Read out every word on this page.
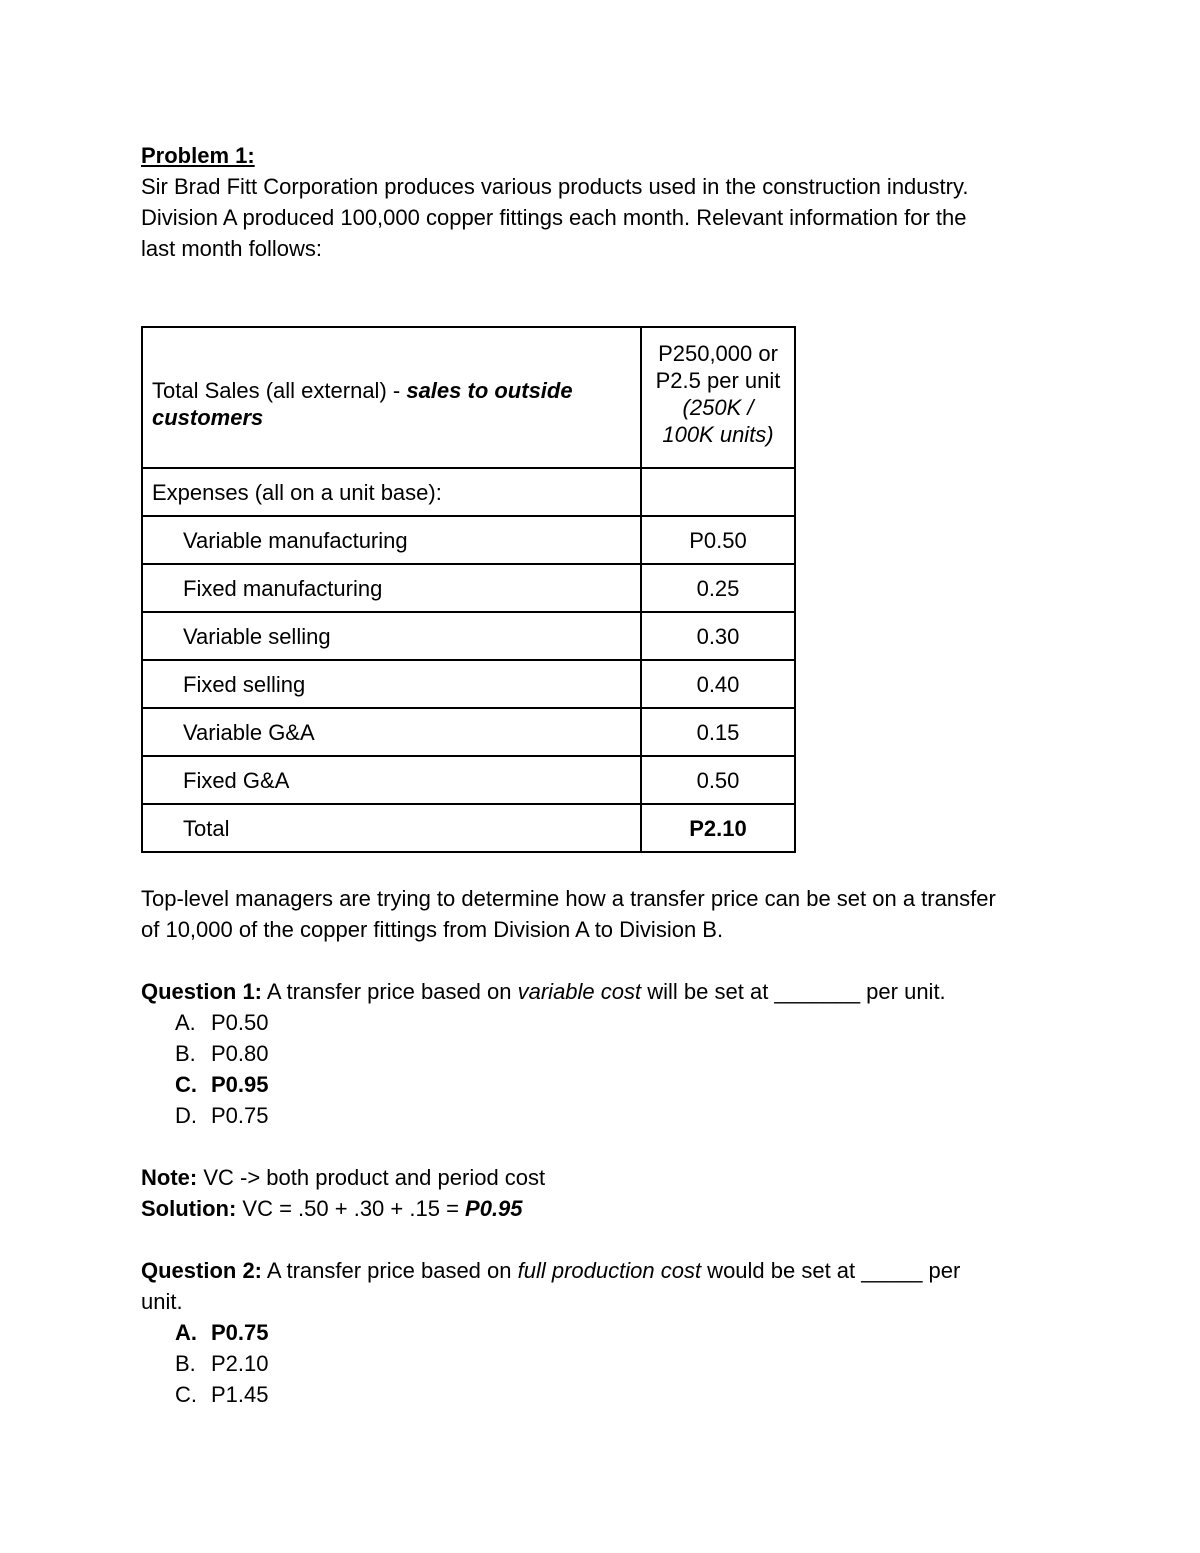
Problem 1:

Sir Brad Fitt Corporation produces various products used in the construction industry.

Division A produced 100,000 copper fittings each month. Relevant information for the

last month follows:

Total Sales (all external) - sales to outside customers	P250,000 or
P2.5 per unit
(250K / 100K units)

Expenses (all on a unit base):	
Variable manufacturing	P0.50
Fixed manufacturing	0.25
Variable selling	0.30
Fixed selling	0.40
Variable G&A	0.15
Fixed G&A	0.50
Total	P2.10

Top-level managers are trying to determine how a transfer price can be set on a transfer

of 10,000 of the copper fittings from Division A to Division B.

Question 1: A transfer price based on variable cost will be set at _______ per unit.

A. P0.50
B. P0.80
C. P0.95
D. P0.75

Note: VC -> both product and period cost

Solution: VC = .50 + .30 + .15 = P0.95

Question 2: A transfer price based on full production cost would be set at _____ per

unit.

A. P0.75
B. P2.10
C. P1.45
